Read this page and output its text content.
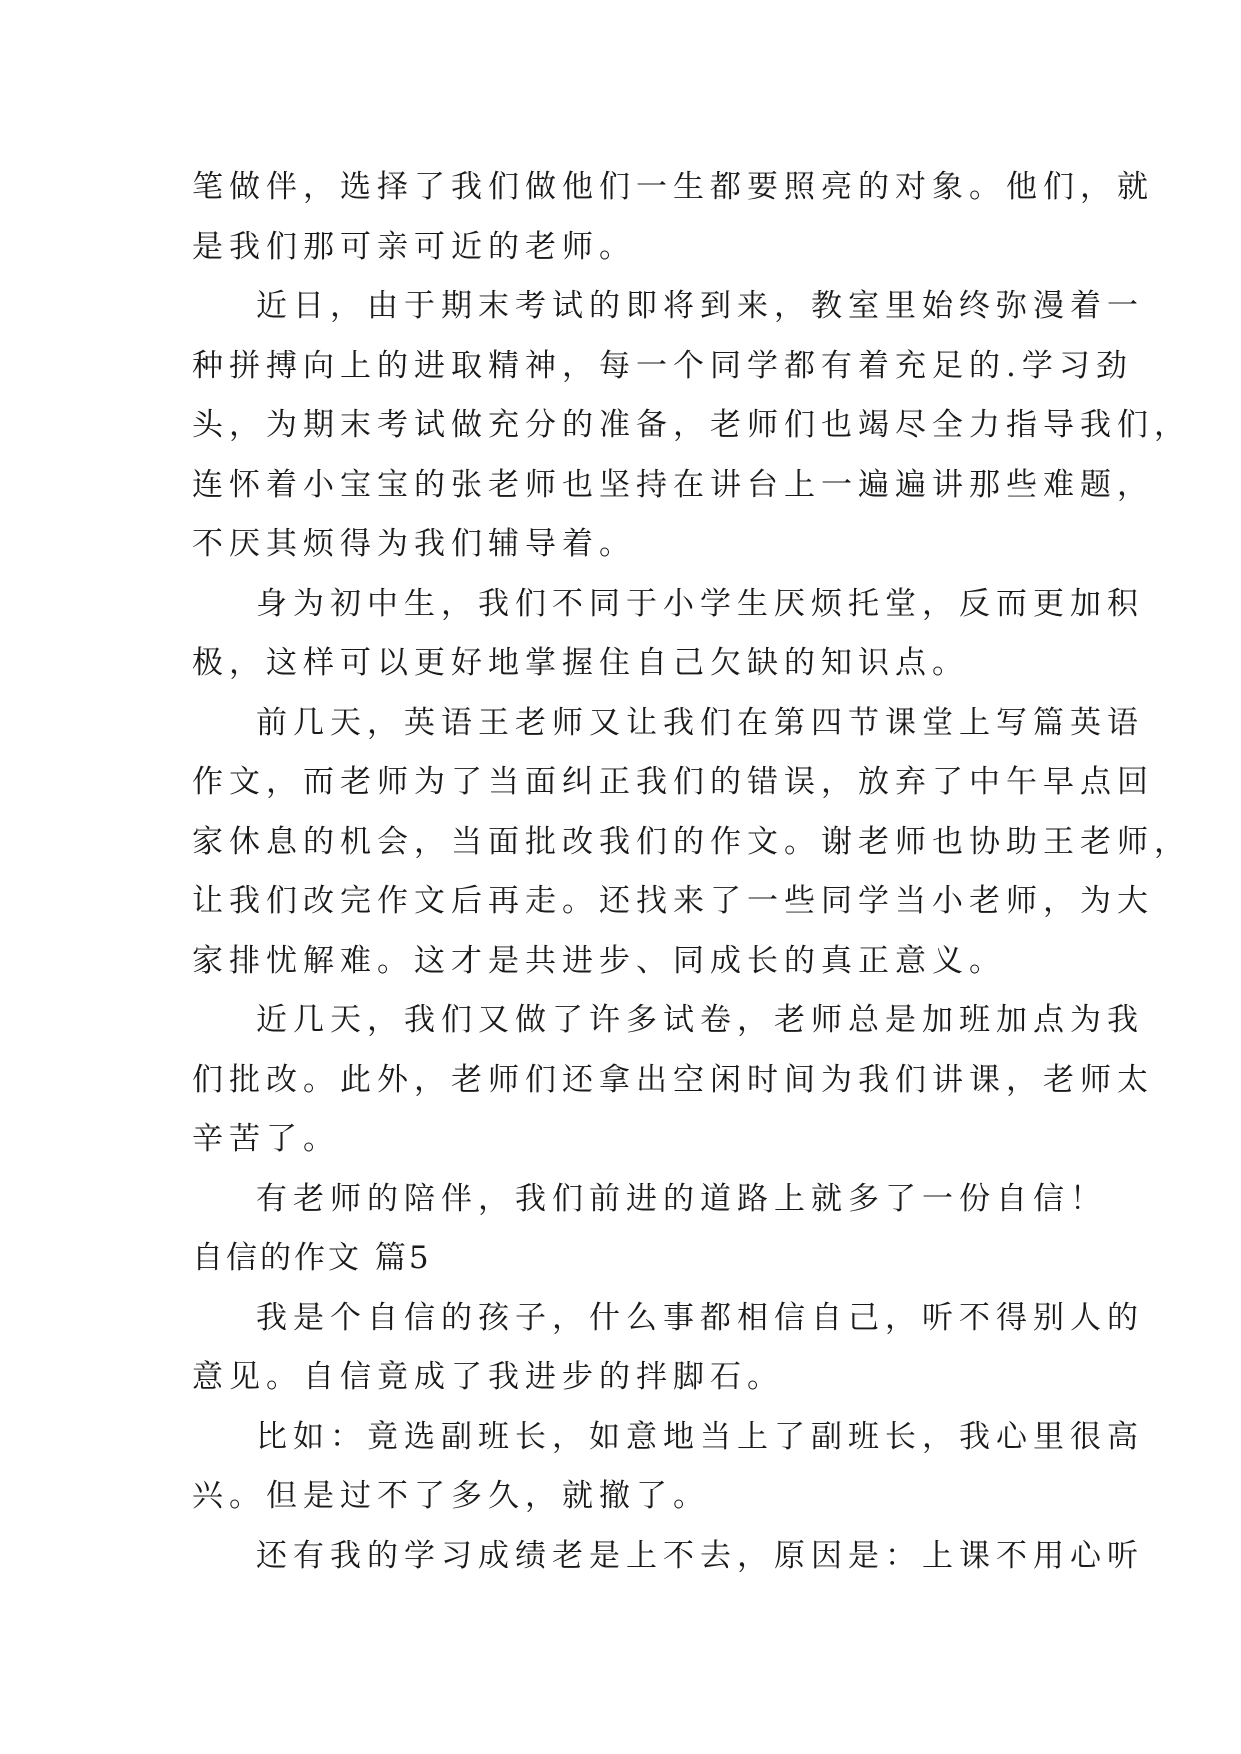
笔做伴，选择了我们做他们一生都要照亮的对象。他们，就
是我们那可亲可近的老师。
近日，由于期末考试的即将到来，教室里始终弥漫着一
种拼搏向上的进取精神，每一个同学都有着充足的.学习劲
头，为期末考试做充分的准备，老师们也竭尽全力指导我们，
连怀着小宝宝的张老师也坚持在讲台上一遍遍讲那些难题，
不厌其烦得为我们辅导着。
身为初中生，我们不同于小学生厌烦托堂，反而更加积
极，这样可以更好地掌握住自己欠缺的知识点。
前几天，英语王老师又让我们在第四节课堂上写篇英语
作文，而老师为了当面纠正我们的错误，放弃了中午早点回
家休息的机会，当面批改我们的作文。谢老师也协助王老师，
让我们改完作文后再走。还找来了一些同学当小老师，为大
家排忧解难。这才是共进步、同成长的真正意义。
近几天，我们又做了许多试卷，老师总是加班加点为我
们批改。此外，老师们还拿出空闲时间为我们讲课，老师太
辛苦了。
有老师的陪伴，我们前进的道路上就多了一份自信！
自信的作文 篇5
我是个自信的孩子，什么事都相信自己，听不得别人的
意见。自信竟成了我进步的拌脚石。
比如：竟选副班长，如意地当上了副班长，我心里很高
兴。但是过不了多久，就撤了。
还有我的学习成绩老是上不去，原因是：上课不用心听
